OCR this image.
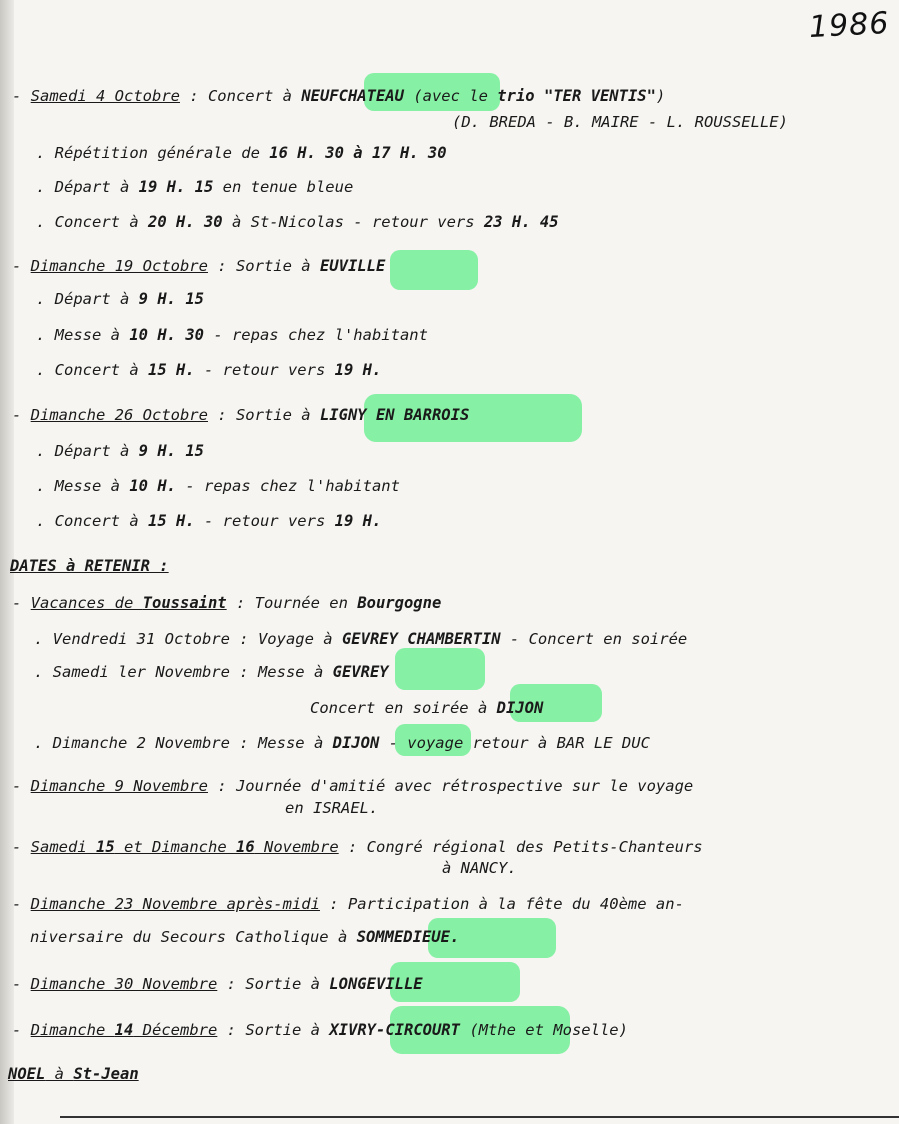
1986
- Samedi 4 Octobre : Concert à NEUFCHATEAU (avec le trio "TER VENTIS")
(D. BREDA - B. MAIRE - L. ROUSSELLE)
. Répétition générale de 16 H. 30 à 17 H. 30
. Départ à 19 H. 15 en tenue bleue
. Concert à 20 H. 30 à St-Nicolas - retour vers 23 H. 45
- Dimanche 19 Octobre : Sortie à EUVILLE
. Départ à 9 H. 15
. Messe à 10 H. 30 - repas chez l'habitant
. Concert à 15 H. - retour vers 19 H.
- Dimanche 26 Octobre : Sortie à LIGNY EN BARROIS
. Départ à 9 H. 15
. Messe à 10 H. - repas chez l'habitant
. Concert à 15 H. - retour vers 19 H.
DATES à RETENIR :
- Vacances de Toussaint : Tournée en Bourgogne
. Vendredi 31 Octobre : Voyage à GEVREY CHAMBERTIN - Concert en soirée
. Samedi ler Novembre : Messe à GEVREY
Concert en soirée à DIJON
. Dimanche 2 Novembre : Messe à DIJON - voyage retour à BAR LE DUC
- Dimanche 9 Novembre : Journée d'amitié avec rétrospective sur le voyage
en ISRAEL.
- Samedi 15 et Dimanche 16 Novembre : Congré régional des Petits-Chanteurs
à NANCY.
- Dimanche 23 Novembre après-midi : Participation à la fête du 40ème an-
niversaire du Secours Catholique à SOMMEDIEUE.
- Dimanche 30 Novembre : Sortie à LONGEVILLE
- Dimanche 14 Décembre : Sortie à XIVRY-CIRCOURT (Mthe et Moselle)
NOEL à St-Jean
